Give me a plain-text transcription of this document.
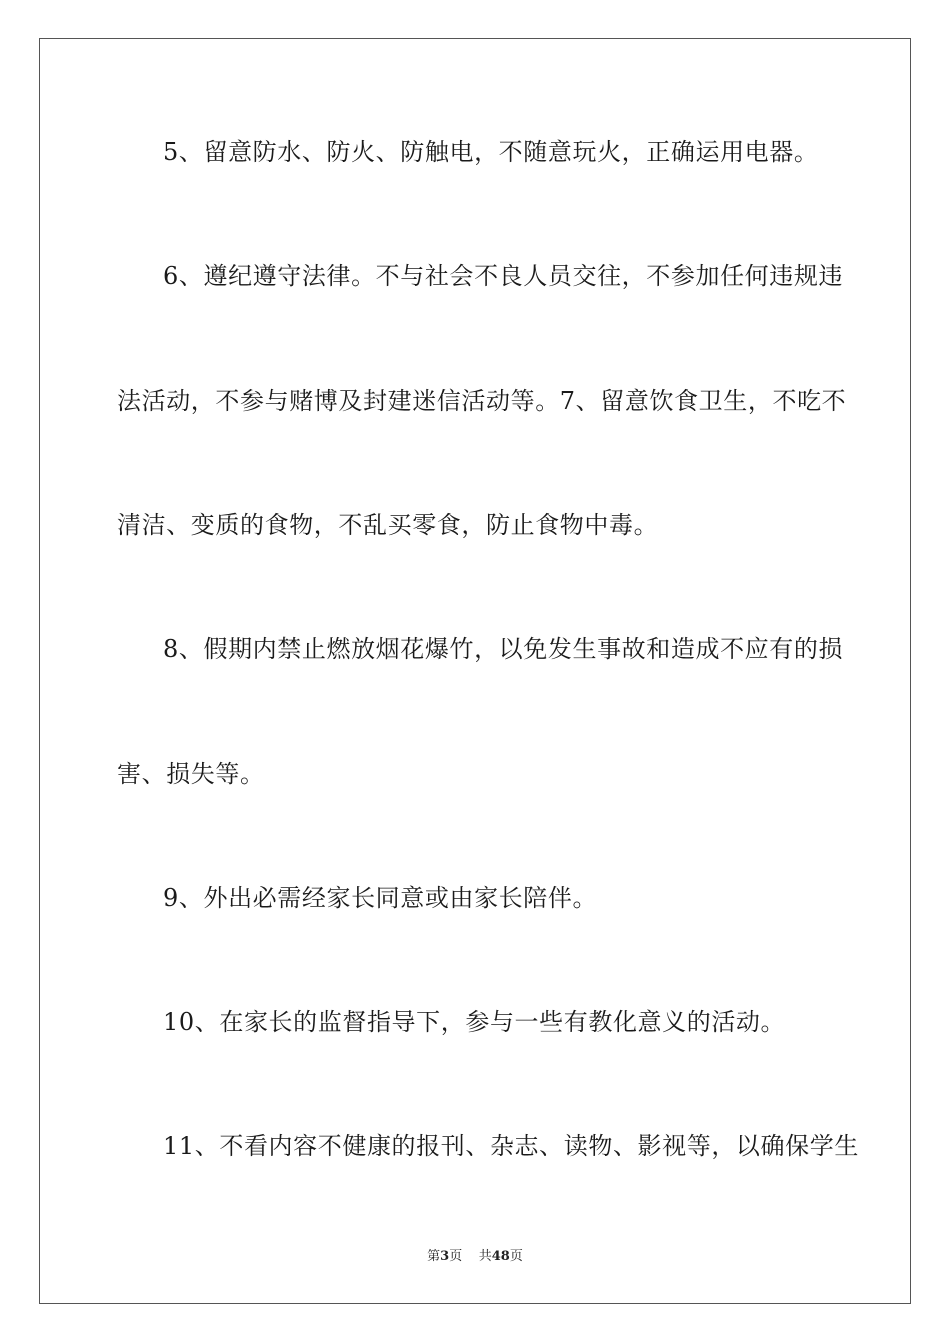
5、留意防水、防火、防触电，不随意玩火，正确运用电器。
6、遵纪遵守法律。不与社会不良人员交往，不参加任何违规违
法活动，不参与赌博及封建迷信活动等。7、留意饮食卫生，不吃不
清洁、变质的食物，不乱买零食，防止食物中毒。
8、假期内禁止燃放烟花爆竹，以免发生事故和造成不应有的损
害、损失等。
9、外出必需经家长同意或由家长陪伴。
10、在家长的监督指导下，参与一些有教化意义的活动。
11、不看内容不健康的报刊、杂志、读物、影视等，以确保学生
第3页 共48页
